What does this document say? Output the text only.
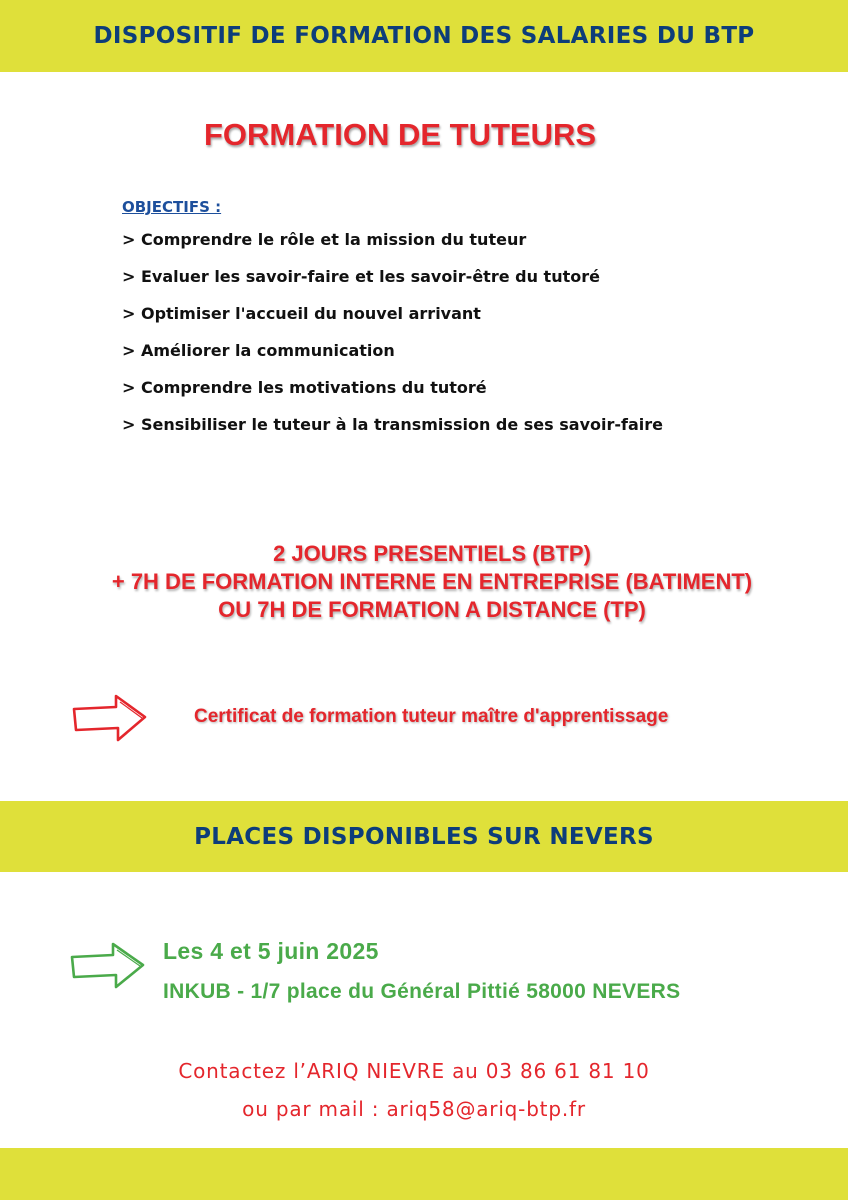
DISPOSITIF DE FORMATION DES SALARIES DU BTP
FORMATION DE TUTEURS
OBJECTIFS :
> Comprendre le rôle et la mission du tuteur
> Evaluer les savoir-faire et les savoir-être du tutoré
> Optimiser l'accueil du nouvel arrivant
> Améliorer la communication
> Comprendre les motivations du tutoré
> Sensibiliser le tuteur à la transmission de ses savoir-faire
2 JOURS PRESENTIELS (BTP)
+ 7H DE FORMATION INTERNE EN ENTREPRISE (BATIMENT)
OU 7H DE FORMATION A DISTANCE (TP)
Certificat de formation tuteur maître d'apprentissage
PLACES DISPONIBLES SUR NEVERS
Les 4 et 5 juin 2025
INKUB - 1/7 place du Général Pittié 58000 NEVERS
Contactez l’ARIQ NIEVRE au 03 86 61 81 10
ou par mail : ariq58@ariq-btp.fr
